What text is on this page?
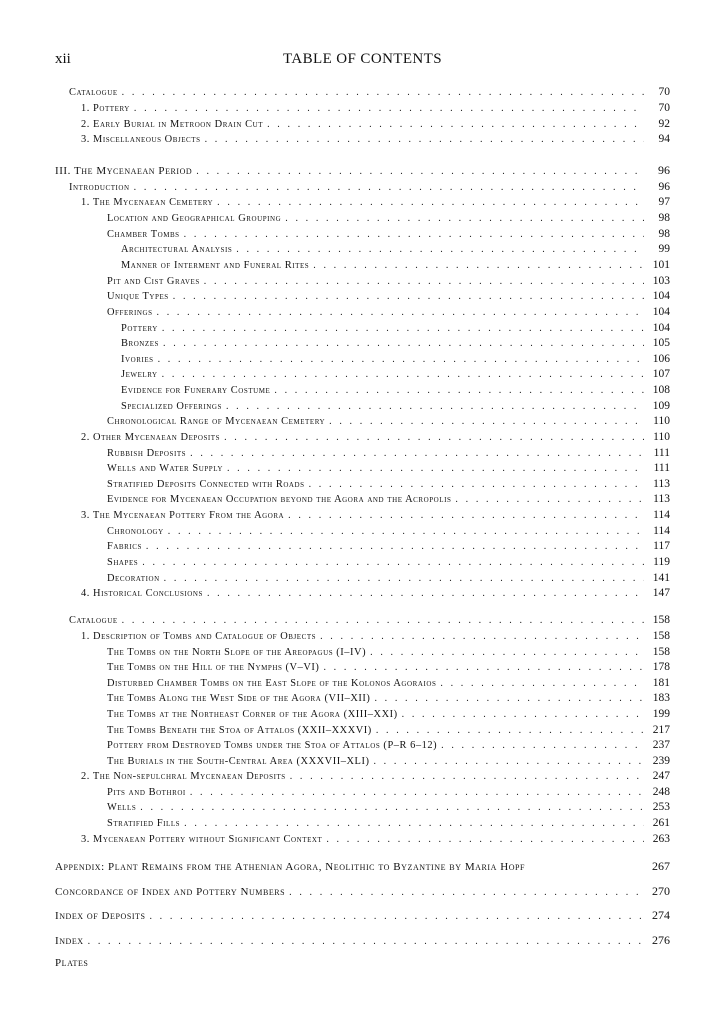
xii	TABLE OF CONTENTS
Catalogue . . .	70
1. Pottery . . .	70
2. Early Burial in Metroon Drain Cut . . .	92
3. Miscellaneous Objects . . .	94
III. The Mycenaean Period . . .	96
Introduction . . .	96
1. The Mycenaean Cemetery . . .	97
Location and Geographical Grouping . . .	98
Chamber Tombs . . .	98
Architectural Analysis . . .	99
Manner of Interment and Funeral Rites . . .	101
Pit and Cist Graves . . .	103
Unique Types . . .	104
Offerings . . .	104
Pottery . . .	104
Bronzes . . .	105
Ivories . . .	106
Jewelry . . .	107
Evidence for Funerary Costume . . .	108
Specialized Offerings . . .	109
Chronological Range of Mycenaean Cemetery . . .	110
2. Other Mycenaean Deposits . . .	110
Rubbish Deposits . . .	111
Wells and Water Supply . . .	111
Stratified Deposits Connected with Roads . . .	113
Evidence for Mycenaean Occupation beyond the Agora and the Acropolis . . .	113
3. The Mycenaean Pottery From the Agora . . .	114
Chronology . . .	114
Fabrics . . .	117
Shapes . . .	119
Decoration . . .	141
4. Historical Conclusions . . .	147
Catalogue . . .	158
1. Description of Tombs and Catalogue of Objects . . .	158
The Tombs on the North Slope of the Areopagus (I–IV) . . .	158
The Tombs on the Hill of the Nymphs (V–VI) . . .	178
Disturbed Chamber Tombs on the East Slope of the Kolonos Agoraios . . .	181
The Tombs Along the West Side of the Agora (VII–XII) . . .	183
The Tombs at the Northeast Corner of the Agora (XIII–XXI) . . .	199
The Tombs Beneath the Stoa of Attalos (XXII–XXXVI) . . .	217
Pottery from Destroyed Tombs under the Stoa of Attalos (P–R 6–12) . . .	237
The Burials in the South-Central Area (XXXVII–XLI) . . .	239
2. The Non-sepulchral Mycenaean Deposits . . .	247
Pits and Bothroi . . .	248
Wells . . .	253
Stratified Fills . . .	261
3. Mycenaean Pottery without Significant Context . . .	263
Appendix: Plant Remains from the Athenian Agora, Neolithic to Byzantine by Maria Hopf	267
Concordance of Index and Pottery Numbers . . .	270
Index of Deposits . . .	274
Index . . .	276
Plates
